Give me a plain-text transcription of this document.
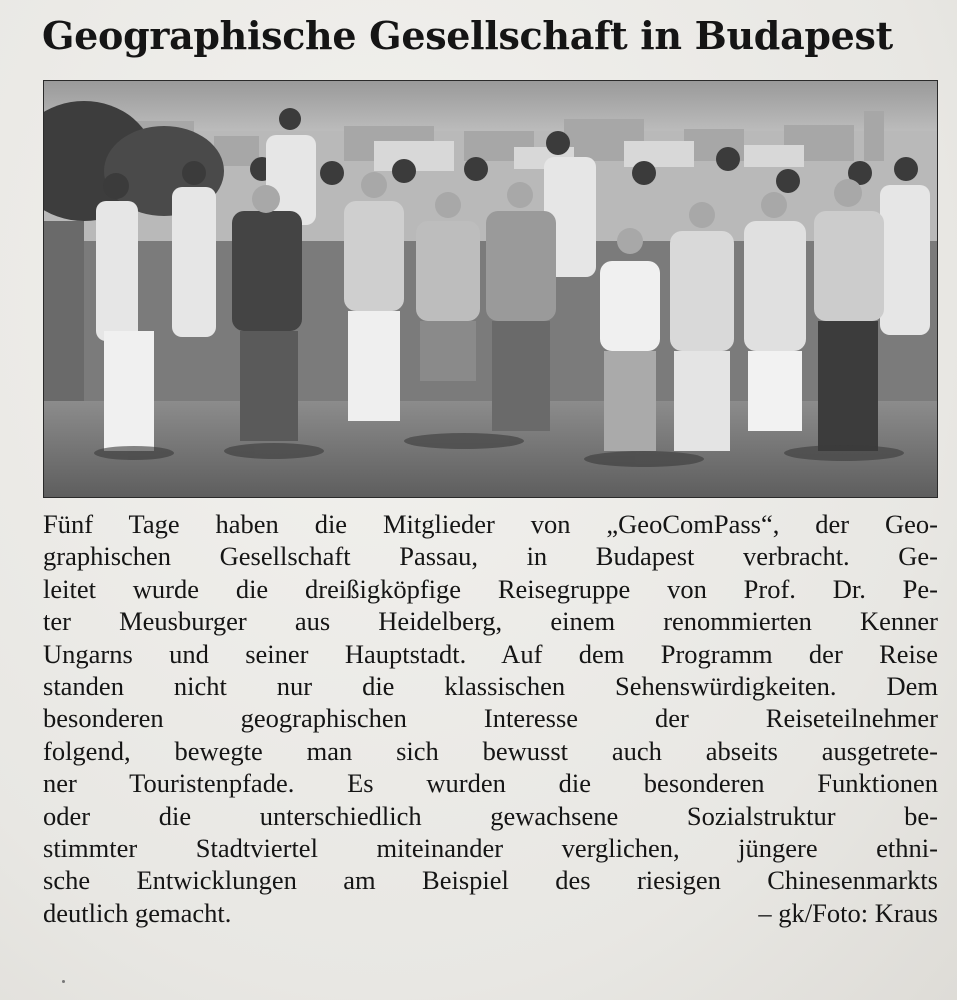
Geographische Gesellschaft in Budapest
Fünf Tage haben die Mitglieder von „GeoComPass“, der Geo-
graphischen Gesellschaft Passau, in Budapest verbracht. Ge-
leitet wurde die dreißigköpfige Reisegruppe von Prof. Dr. Pe-
ter Meusburger aus Heidelberg, einem renommierten Kenner
Ungarns und seiner Hauptstadt. Auf dem Programm der Reise
standen nicht nur die klassischen Sehenswürdigkeiten. Dem
besonderen geographischen Interesse der Reiseteilnehmer
folgend, bewegte man sich bewusst auch abseits ausgetrete-
ner Touristenpfade. Es wurden die besonderen Funktionen
oder die unterschiedlich gewachsene Sozialstruktur be-
stimmter Stadtviertel miteinander verglichen, jüngere ethni-
sche Entwicklungen am Beispiel des riesigen Chinesenmarkts
deutlich gemacht.	– gk/Foto: Kraus
